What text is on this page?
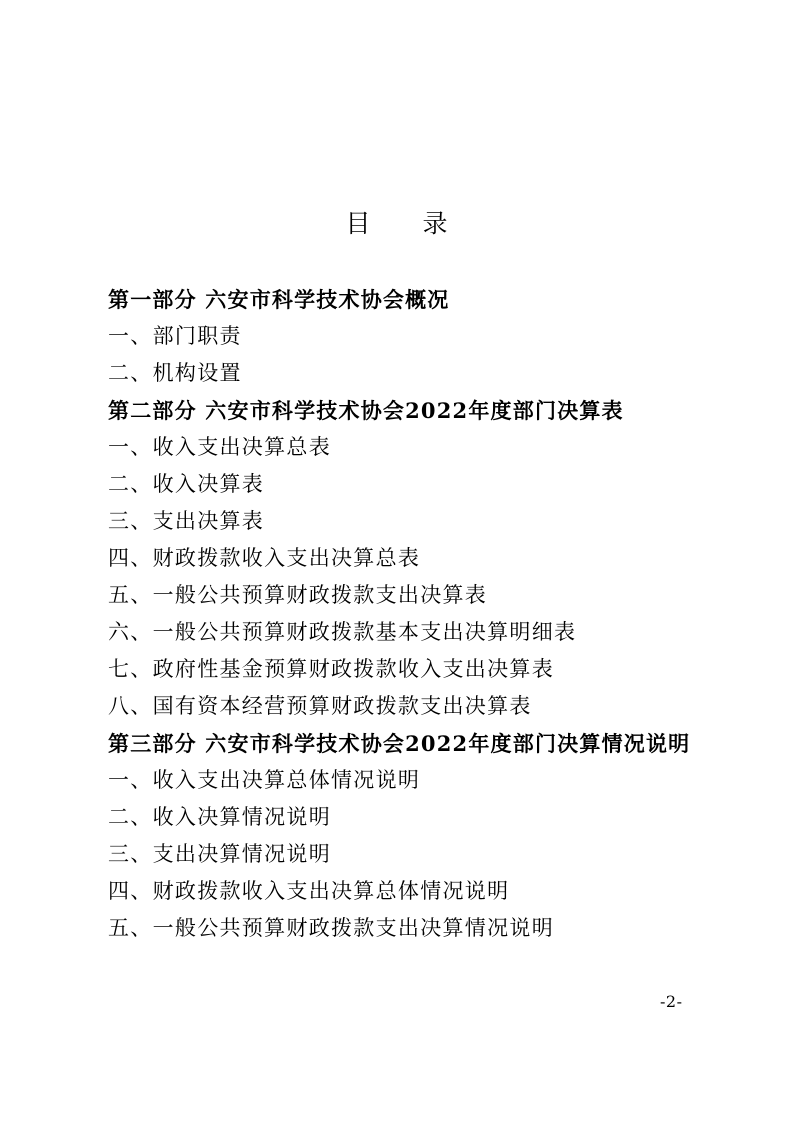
目 录
第一部分 六安市科学技术协会概况
一、部门职责
二、机构设置
第二部分 六安市科学技术协会2022年度部门决算表
一、收入支出决算总表
二、收入决算表
三、支出决算表
四、财政拨款收入支出决算总表
五、一般公共预算财政拨款支出决算表
六、一般公共预算财政拨款基本支出决算明细表
七、政府性基金预算财政拨款收入支出决算表
八、国有资本经营预算财政拨款支出决算表
第三部分 六安市科学技术协会2022年度部门决算情况说明
一、收入支出决算总体情况说明
二、收入决算情况说明
三、支出决算情况说明
四、财政拨款收入支出决算总体情况说明
五、一般公共预算财政拨款支出决算情况说明
-2-
